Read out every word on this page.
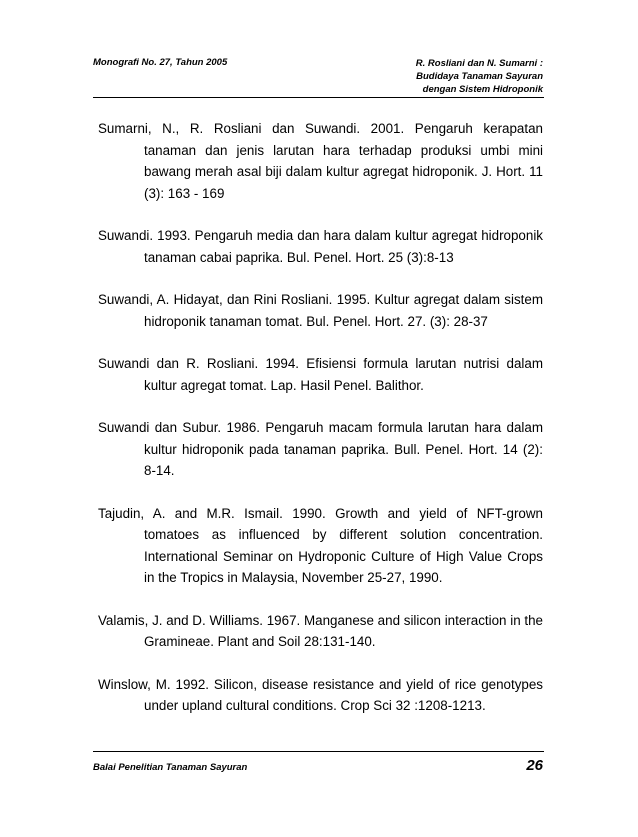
Monografi No. 27, Tahun 2005	R. Rosliani dan N. Sumarni :
Budidaya Tanaman Sayuran
dengan Sistem Hidroponik

Sumarni, N., R. Rosliani dan Suwandi. 2001. Pengaruh kerapatan tanaman dan jenis larutan hara terhadap produksi umbi mini bawang merah asal biji dalam kultur agregat hidroponik. J. Hort. 11 (3): 163 - 169

Suwandi. 1993. Pengaruh media dan hara dalam kultur agregat hidroponik tanaman cabai paprika. Bul. Penel. Hort. 25 (3):8-13

Suwandi, A. Hidayat, dan Rini Rosliani. 1995. Kultur agregat dalam sistem hidroponik tanaman tomat. Bul. Penel. Hort. 27. (3): 28-37

Suwandi dan R. Rosliani. 1994. Efisiensi formula larutan nutrisi dalam kultur agregat tomat. Lap. Hasil Penel. Balithor.

Suwandi dan Subur. 1986. Pengaruh macam formula larutan hara dalam kultur hidroponik pada tanaman paprika. Bull. Penel. Hort. 14 (2): 8-14.

Tajudin, A. and M.R. Ismail. 1990. Growth and yield of NFT-grown tomatoes as influenced by different solution concentration. International Seminar on Hydroponic Culture of High Value Crops in the Tropics in Malaysia, November 25-27, 1990.

Valamis, J. and D. Williams. 1967. Manganese and silicon interaction in the Gramineae. Plant and Soil 28:131-140.

Winslow, M. 1992. Silicon, disease resistance and yield of rice genotypes under upland cultural conditions. Crop Sci 32 :1208-1213.

Balai Penelitian Tanaman Sayuran	26
